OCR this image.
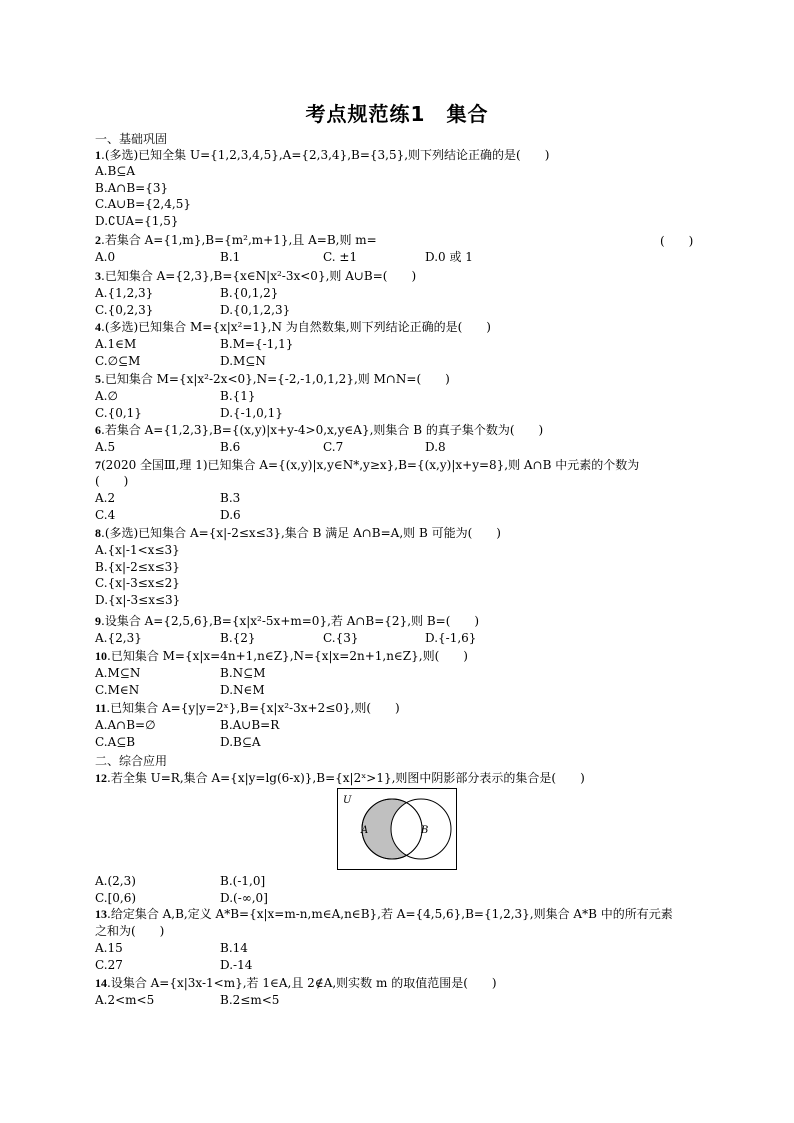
考点规范练1　集合
一、基础巩固
1.(多选)已知全集 U={1,2,3,4,5},A={2,3,4},B={3,5},则下列结论正确的是(　　)
A.B⊆A
B.A∩B={3}
C.A∪B={2,4,5}
D.∁UA={1,5}
2.若集合 A={1,m},B={m²,m+1},且 A=B,则 m=	(　　)
A.0	B.1	C. ±1	D.0 或 1
3.已知集合 A={2,3},B={x∈N|x²-3x<0},则 A∪B=(　　)
A.{1,2,3}	B.{0,1,2}
C.{0,2,3}	D.{0,1,2,3}
4.(多选)已知集合 M={x|x²=1},N 为自然数集,则下列结论正确的是(　　)
A.1∈M	B.M={-1,1}
C.∅⊆M	D.M⊆N
5.已知集合 M={x|x²-2x<0},N={-2,-1,0,1,2},则 M∩N=(　　)
A.∅	B.{1}
C.{0,1}	D.{-1,0,1}
6.若集合 A={1,2,3},B={(x,y)|x+y-4>0,x,y∈A},则集合 B 的真子集个数为(　　)
A.5	B.6	C.7	D.8
7(2020 全国Ⅲ,理 1)已知集合 A={(x,y)|x,y∈N*,y≥x},B={(x,y)|x+y=8},则 A∩B 中元素的个数为
(　　)
A.2	B.3
C.4	D.6
8.(多选)已知集合 A={x|-2≤x≤3},集合 B 满足 A∩B=A,则 B 可能为(　　)
A.{x|-1<x≤3}
B.{x|-2≤x≤3}
C.{x|-3≤x≤2}
D.{x|-3≤x≤3}
9.设集合 A={2,5,6},B={x|x²-5x+m=0},若 A∩B={2},则 B=(　　)
A.{2,3}	B.{2}	C.{3}	D.{-1,6}
10.已知集合 M={x|x=4n+1,n∈Z},N={x|x=2n+1,n∈Z},则(　　)
A.M⊆N	B.N⊆M
C.M∈N	D.N∈M
11.已知集合 A={y|y=2ˣ},B={x|x²-3x+2≤0},则(　　)
A.A∩B=∅	B.A∪B=R
C.A⊆B	D.B⊆A
二、综合应用
12.若全集 U=R,集合 A={x|y=lg(6-x)},B={x|2ˣ>1},则图中阴影部分表示的集合是(　　)
U
A	B
A.(2,3)	B.(-1,0]
C.[0,6)	D.(-∞,0]
13.给定集合 A,B,定义 A*B={x|x=m-n,m∈A,n∈B},若 A={4,5,6},B={1,2,3},则集合 A*B 中的所有元素
之和为(　　)
A.15	B.14
C.27	D.-14
14.设集合 A={x|3x-1<m},若 1∈A,且 2∉A,则实数 m 的取值范围是(　　)
A.2<m<5	B.2≤m<5
